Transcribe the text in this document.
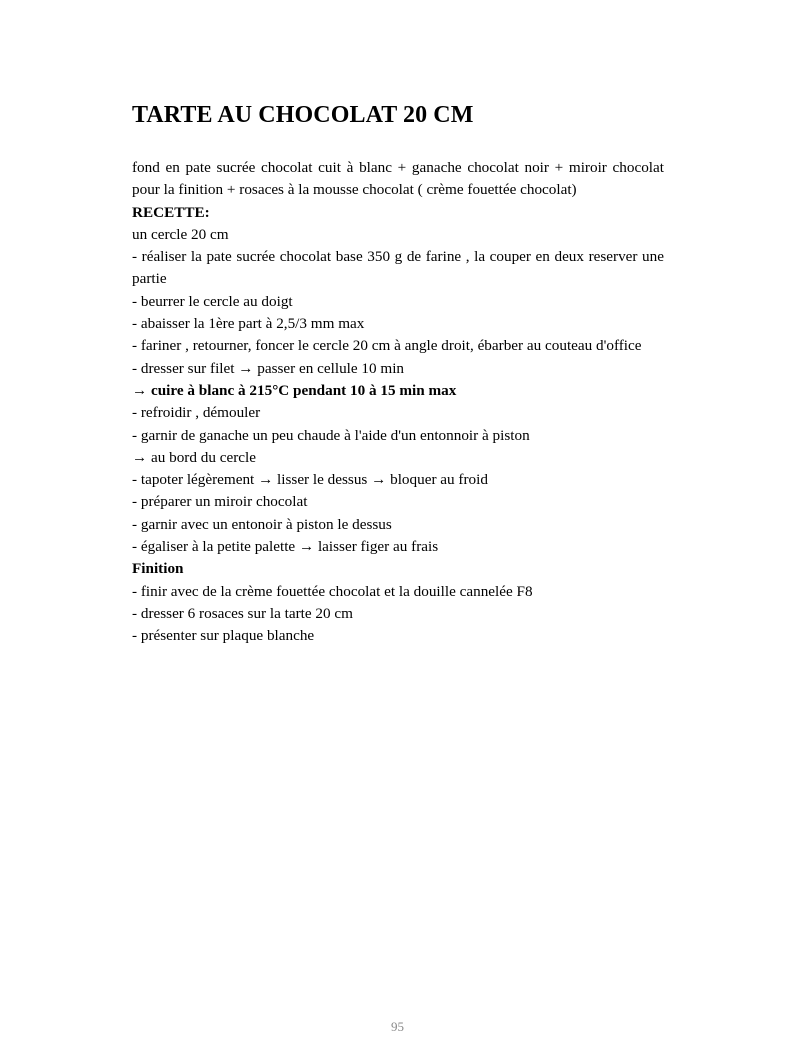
TARTE AU CHOCOLAT 20 CM

fond en pate sucrée chocolat cuit à blanc + ganache chocolat noir + miroir chocolat pour la finition + rosaces à la mousse chocolat ( crème fouettée chocolat)

RECETTE:

un cercle 20 cm

- réaliser la pate sucrée chocolat base 350 g de farine , la couper en deux reserver une partie

- beurrer le cercle au doigt

- abaisser la 1ère part à 2,5/3 mm max

- fariner , retourner, foncer le cercle 20 cm à angle droit, ébarber au couteau d'office

- dresser sur filet → passer en cellule 10 min

→ cuire à blanc à 215°C pendant 10 à 15 min max

- refroidir , démouler

- garnir de ganache un peu chaude à l'aide d'un entonnoir à piston

→ au bord du cercle

- tapoter légèrement → lisser le dessus → bloquer au froid

- préparer un miroir chocolat

- garnir avec un entonoir à piston le dessus

- égaliser à la petite palette → laisser figer au frais

Finition

- finir avec de la crème fouettée chocolat et la douille cannelée F8

- dresser 6 rosaces sur la tarte 20 cm

- présenter sur plaque blanche

95
